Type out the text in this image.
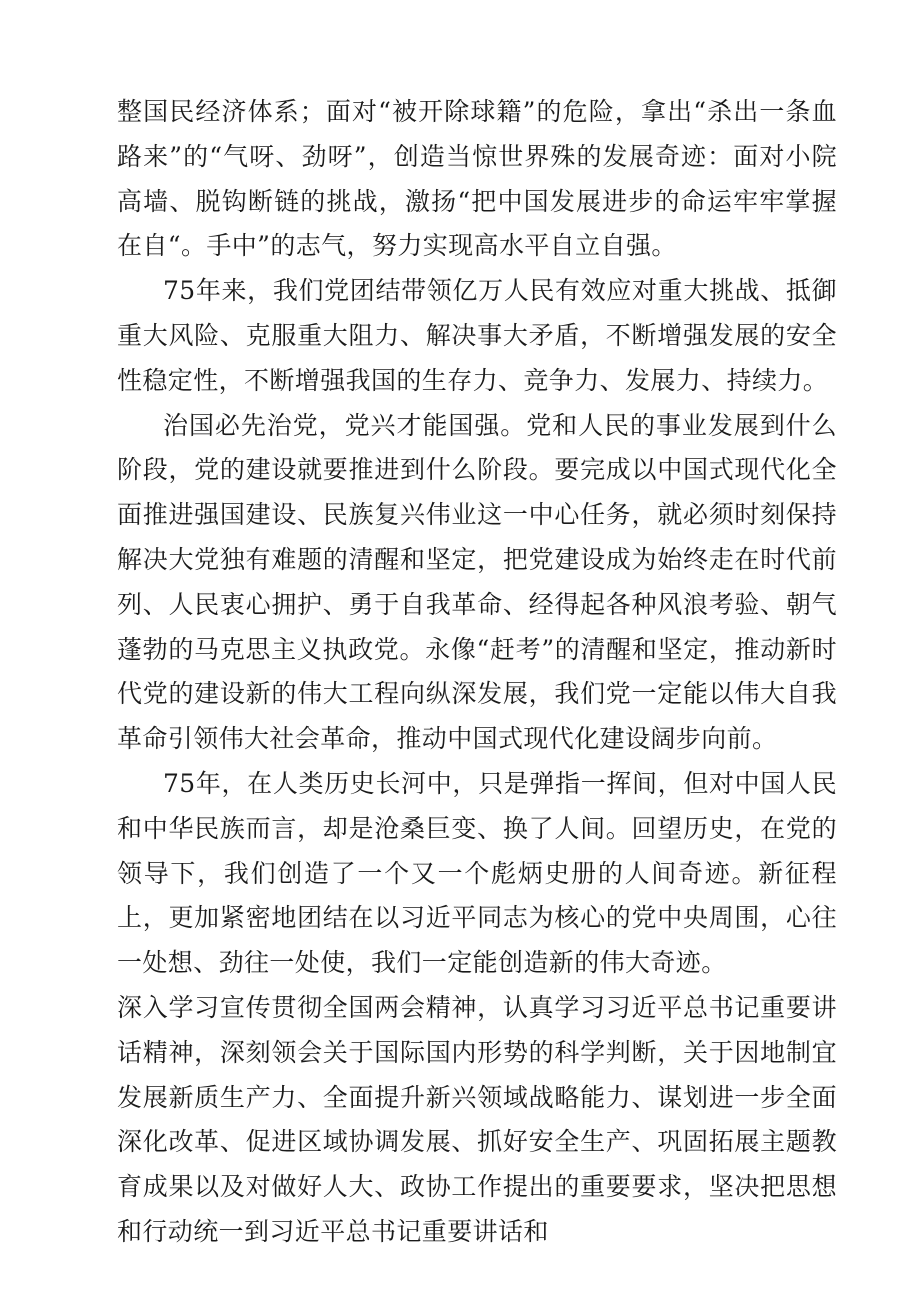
整国民经济体系；面对“被开除球籍”的危险，拿出“杀出一条血路来”的“气呀、劲呀”，创造当惊世界殊的发展奇迹：面对小院高墙、脱钩断链的挑战，激扬“把中国发展进步的命运牢牢掌握在自“。手中”的志气，努力实现高水平自立自强。

75年来，我们党团结带领亿万人民有效应对重大挑战、抵御重大风险、克服重大阻力、解决事大矛盾，不断增强发展的安全性稳定性，不断增强我国的生存力、竞争力、发展力、持续力。

治国必先治党，党兴才能国强。党和人民的事业发展到什么阶段，党的建设就要推进到什么阶段。要完成以中国式现代化全面推进强国建设、民族复兴伟业这一中心任务，就必须时刻保持解决大党独有难题的清醒和坚定，把党建设成为始终走在时代前列、人民衷心拥护、勇于自我革命、经得起各种风浪考验、朝气蓬勃的马克思主义执政党。永像“赶考”的清醒和坚定，推动新时代党的建设新的伟大工程向纵深发展，我们党一定能以伟大自我革命引领伟大社会革命，推动中国式现代化建设阔步向前。

75年，在人类历史长河中，只是弹指一挥间，但对中国人民和中华民族而言，却是沧桑巨变、换了人间。回望历史，在党的领导下，我们创造了一个又一个彪炳史册的人间奇迹。新征程上，更加紧密地团结在以习近平同志为核心的党中央周围，心往一处想、劲往一处使，我们一定能创造新的伟大奇迹。

深入学习宣传贯彻全国两会精神，认真学习习近平总书记重要讲话精神，深刻领会关于国际国内形势的科学判断，关于因地制宜发展新质生产力、全面提升新兴领域战略能力、谋划进一步全面深化改革、促进区域协调发展、抓好安全生产、巩固拓展主题教育成果以及对做好人大、政协工作提出的重要要求，坚决把思想和行动统一到习近平总书记重要讲话和
